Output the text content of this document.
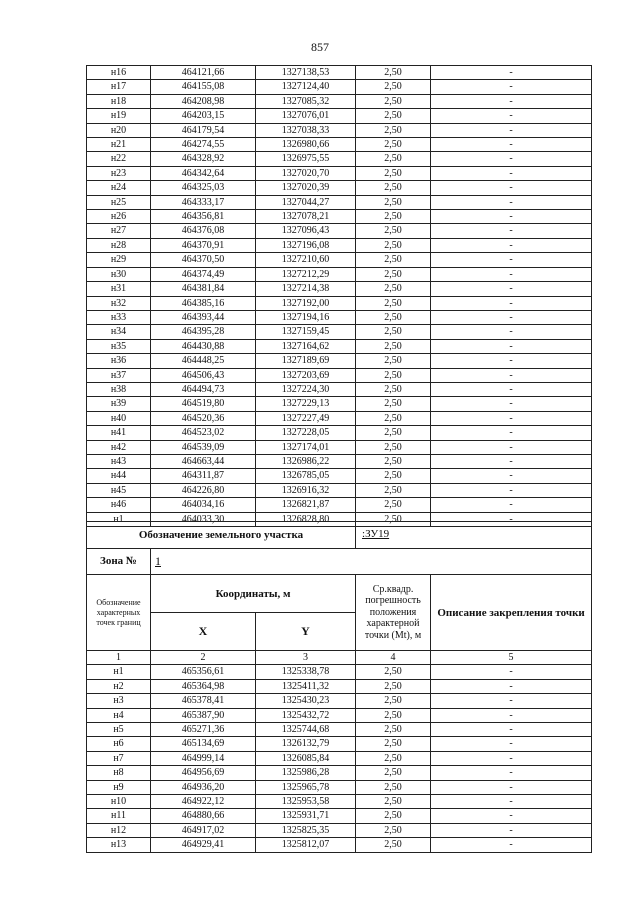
857
н16	464121,66	1327138,53	2,50	-
н17	464155,08	1327124,40	2,50	-
н18	464208,98	1327085,32	2,50	-
н19	464203,15	1327076,01	2,50	-
н20	464179,54	1327038,33	2,50	-
н21	464274,55	1326980,66	2,50	-
н22	464328,92	1326975,55	2,50	-
н23	464342,64	1327020,70	2,50	-
н24	464325,03	1327020,39	2,50	-
н25	464333,17	1327044,27	2,50	-
н26	464356,81	1327078,21	2,50	-
н27	464376,08	1327096,43	2,50	-
н28	464370,91	1327196,08	2,50	-
н29	464370,50	1327210,60	2,50	-
н30	464374,49	1327212,29	2,50	-
н31	464381,84	1327214,38	2,50	-
н32	464385,16	1327192,00	2,50	-
н33	464393,44	1327194,16	2,50	-
н34	464395,28	1327159,45	2,50	-
н35	464430,88	1327164,62	2,50	-
н36	464448,25	1327189,69	2,50	-
н37	464506,43	1327203,69	2,50	-
н38	464494,73	1327224,30	2,50	-
н39	464519,80	1327229,13	2,50	-
н40	464520,36	1327227,49	2,50	-
н41	464523,02	1327228,05	2,50	-
н42	464539,09	1327174,01	2,50	-
н43	464663,44	1326986,22	2,50	-
н44	464311,87	1326785,05	2,50	-
н45	464226,80	1326916,32	2,50	-
н46	464034,16	1326821,87	2,50	-
н1	464033,30	1326828,80	2,50	-
Обозначение земельного участка			:ЗУ19	
Зона №	1			
Обозначение характерных точек границ	Координаты, м		Ср.квадр. погрешность положения характерной точки (Mt), м	Описание закрепления точки
	X	Y		
1	2	3	4	5
н1	465356,61	1325338,78	2,50	-
н2	465364,98	1325411,32	2,50	-
н3	465378,41	1325430,23	2,50	-
н4	465387,90	1325432,72	2,50	-
н5	465271,36	1325744,68	2,50	-
н6	465134,69	1326132,79	2,50	-
н7	464999,14	1326085,84	2,50	-
н8	464956,69	1325986,28	2,50	-
н9	464936,20	1325965,78	2,50	-
н10	464922,12	1325953,58	2,50	-
н11	464880,66	1325931,71	2,50	-
н12	464917,02	1325825,35	2,50	-
н13	464929,41	1325812,07	2,50	-
